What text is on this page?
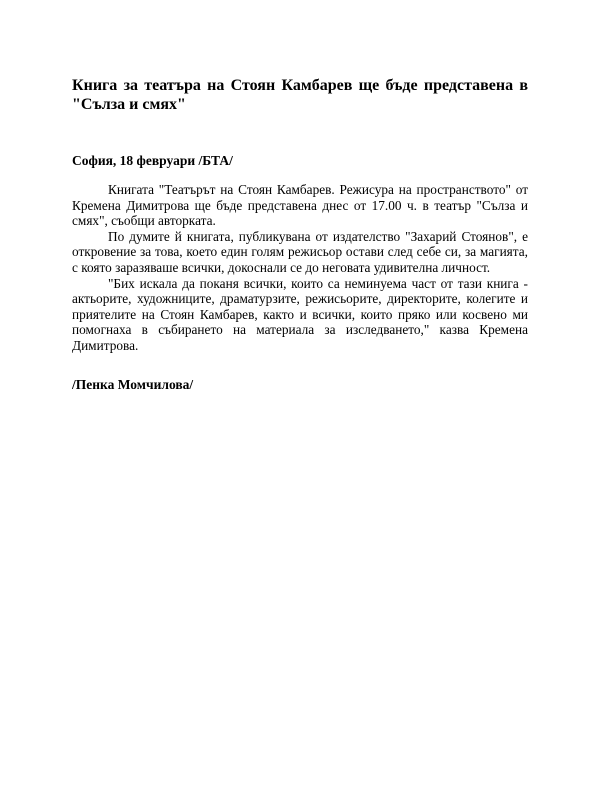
Книга за театъра на Стоян Камбарев ще бъде представена в "Сълза и смях"
София, 18 февруари /БТА/

Книгата "Театърът на Стоян Камбарев. Режисура на пространството" от Кремена Димитрова ще бъде представена днес от 17.00 ч. в театър "Сълза и смях", съобщи авторката.

По думите й книгата, публикувана от издателство "Захарий Стоянов", е откровение за това, което един голям режисьор остави след себе си, за магията, с която заразяваше всички, докоснали се до неговата удивителна личност.

"Бих искала да поканя всички, които са неминуема част от тази книга - актьорите, художниците, драматурзите, режисьорите, директорите, колегите и приятелите на Стоян Камбарев, както и всички, които пряко или косвено ми помогнаха в събирането на материала за изследването," казва Кремена Димитрова.

/Пенка Момчилова/
